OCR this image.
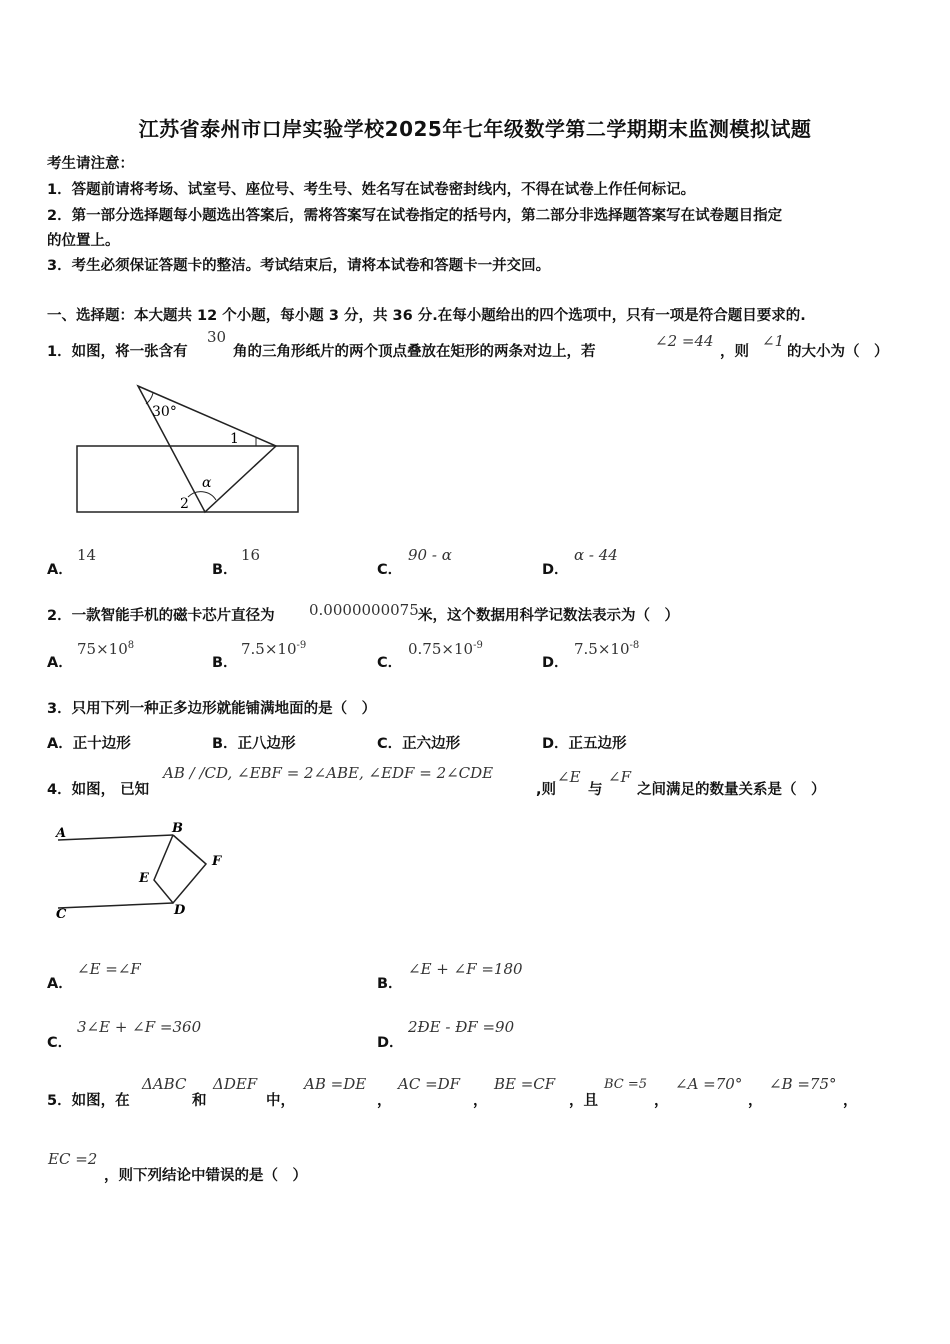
江苏省泰州市口岸实验学校2025年七年级数学第二学期期末监测模拟试题
考生请注意：
1．答题前请将考场、试室号、座位号、考生号、姓名写在试卷密封线内，不得在试卷上作任何标记。
2．第一部分选择题每小题选出答案后，需将答案写在试卷指定的括号内，第二部分非选择题答案写在试卷题目指定
的位置上。
3．考生必须保证答题卡的整洁。考试结束后，请将本试卷和答题卡一并交回。
一、选择题：本大题共 12 个小题，每小题 3 分，共 36 分.在每小题给出的四个选项中，只有一项是符合题目要求的.
1．如图，将一张含有
30
角的三角形纸片的两个顶点叠放在矩形的两条对边上，若
∠2 =44
，则
∠1
的大小为（　）
30°
1
2
α
A．
14
B．
16
C．
90 - α
D．
α - 44
2．一款智能手机的磁卡芯片直径为 0.0000000075 米，这个数据用科学记数法表示为（　）
A．
$75\times 10^8$
B．
$7.5\times 10^{-9}$
C．
$0.75\times 10^{-9}$
D．
$7.5\times 10^{-8}$
3．只用下列一种正多边形就能铺满地面的是（　）
A．正十边形	B．正八边形	C．正六边形	D．正五边形
4．如图， 已知
AB / /CD, ∠EBF = 2∠ABE, ∠EDF = 2∠CDE
,则
∠E
与
∠F
之间满足的数量关系是（　）
A	B
C	D
E
F
A．
∠E =∠F
B．
∠E + ∠F =180
C．
3∠E + ∠F =360
D．
2ÐE - ÐF =90
5．如图，在
ΔABC
和
ΔDEF
中，
AB =DE
，
AC =DF
，
BE =CF
，且
BC =5
，
∠A =70°
，
∠B =75°
，
EC =2
，则下列结论中错误的是（　）
